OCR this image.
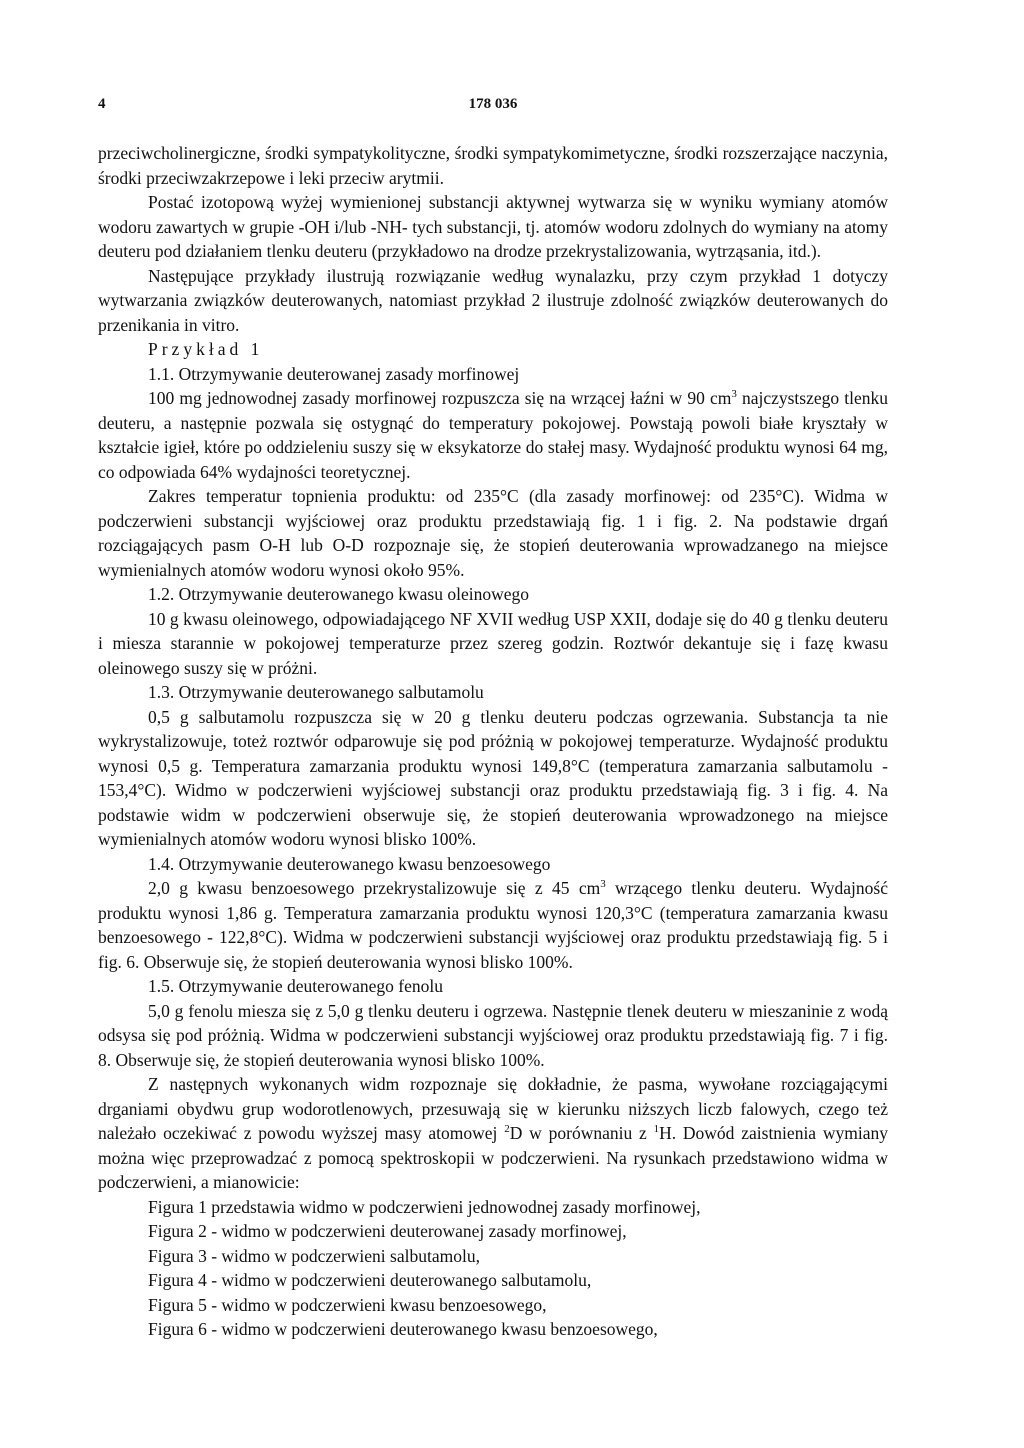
4	178 036

przeciwcholinergiczne, środki sympatykolityczne, środki sympatykomimetyczne, środki rozszerzające naczynia, środki przeciwzakrzepowe i leki przeciw arytmii.

Postać izotopową wyżej wymienionej substancji aktywnej wytwarza się w wyniku wymiany atomów wodoru zawartych w grupie -OH i/lub -NH- tych substancji, tj. atomów wodoru zdolnych do wymiany na atomy deuteru pod działaniem tlenku deuteru (przykładowo na drodze przekrystalizowania, wytrząsania, itd.).

Następujące przykłady ilustrują rozwiązanie według wynalazku, przy czym przykład 1 dotyczy wytwarzania związków deuterowanych, natomiast przykład 2 ilustruje zdolność związków deuterowanych do przenikania in vitro.

Przykład 1

1.1. Otrzymywanie deuterowanej zasady morfinowej

100 mg jednowodnej zasady morfinowej rozpuszcza się na wrzącej łaźni w 90 $cm^3$ najczystszego tlenku deuteru, a następnie pozwala się ostygnąć do temperatury pokojowej. Powstają powoli białe kryształy w kształcie igieł, które po oddzieleniu suszy się w eksykatorze do stałej masy. Wydajność produktu wynosi 64 mg, co odpowiada 64% wydajności teoretycznej.

Zakres temperatur topnienia produktu: od 235°C (dla zasady morfinowej: od 235°C). Widma w podczerwieni substancji wyjściowej oraz produktu przedstawiają fig. 1 i fig. 2. Na podstawie drgań rozciągających pasm O-H lub O-D rozpoznaje się, że stopień deuterowania wprowadzanego na miejsce wymienialnych atomów wodoru wynosi około 95%.

1.2. Otrzymywanie deuterowanego kwasu oleinowego

10 g kwasu oleinowego, odpowiadającego NF XVII według USP XXII, dodaje się do 40 g tlenku deuteru i miesza starannie w pokojowej temperaturze przez szereg godzin. Roztwór dekantuje się i fazę kwasu oleinowego suszy się w próżni.

1.3. Otrzymywanie deuterowanego salbutamolu

0,5 g salbutamolu rozpuszcza się w 20 g tlenku deuteru podczas ogrzewania. Substancja ta nie wykrystalizowuje, toteż roztwór odparowuje się pod próżnią w pokojowej temperaturze. Wydajność produktu wynosi 0,5 g. Temperatura zamarzania produktu wynosi 149,8°C (temperatura zamarzania salbutamolu - 153,4°C). Widmo w podczerwieni wyjściowej substancji oraz produktu przedstawiają fig. 3 i fig. 4. Na podstawie widm w podczerwieni obserwuje się, że stopień deuterowania wprowadzonego na miejsce wymienialnych atomów wodoru wynosi blisko 100%.

1.4. Otrzymywanie deuterowanego kwasu benzoesowego

2,0 g kwasu benzoesowego przekrystalizowuje się z 45 $cm^3$ wrzącego tlenku deuteru. Wydajność produktu wynosi 1,86 g. Temperatura zamarzania produktu wynosi 120,3°C (temperatura zamarzania kwasu benzoesowego - 122,8°C). Widma w podczerwieni substancji wyjściowej oraz produktu przedstawiają fig. 5 i fig. 6. Obserwuje się, że stopień deuterowania wynosi blisko 100%.

1.5. Otrzymywanie deuterowanego fenolu

5,0 g fenolu miesza się z 5,0 g tlenku deuteru i ogrzewa. Następnie tlenek deuteru w mieszaninie z wodą odsysa się pod próżnią. Widma w podczerwieni substancji wyjściowej oraz produktu przedstawiają fig. 7 i fig. 8. Obserwuje się, że stopień deuterowania wynosi blisko 100%.

Z następnych wykonanych widm rozpoznaje się dokładnie, że pasma, wywołane rozciągającymi drganiami obydwu grup wodorotlenowych, przesuwają się w kierunku niższych liczb falowych, czego też należało oczekiwać z powodu wyższej masy atomowej $^2$D w porównaniu z $^1$H. Dowód zaistnienia wymiany można więc przeprowadzać z pomocą spektroskopii w podczerwieni. Na rysunkach przedstawiono widma w podczerwieni, a mianowicie:

Figura 1 przedstawia widmo w podczerwieni jednowodnej zasady morfinowej,

Figura 2 - widmo w podczerwieni deuterowanej zasady morfinowej,

Figura 3 - widmo w podczerwieni salbutamolu,

Figura 4 - widmo w podczerwieni deuterowanego salbutamolu,

Figura 5 - widmo w podczerwieni kwasu benzoesowego,

Figura 6 - widmo w podczerwieni deuterowanego kwasu benzoesowego,
